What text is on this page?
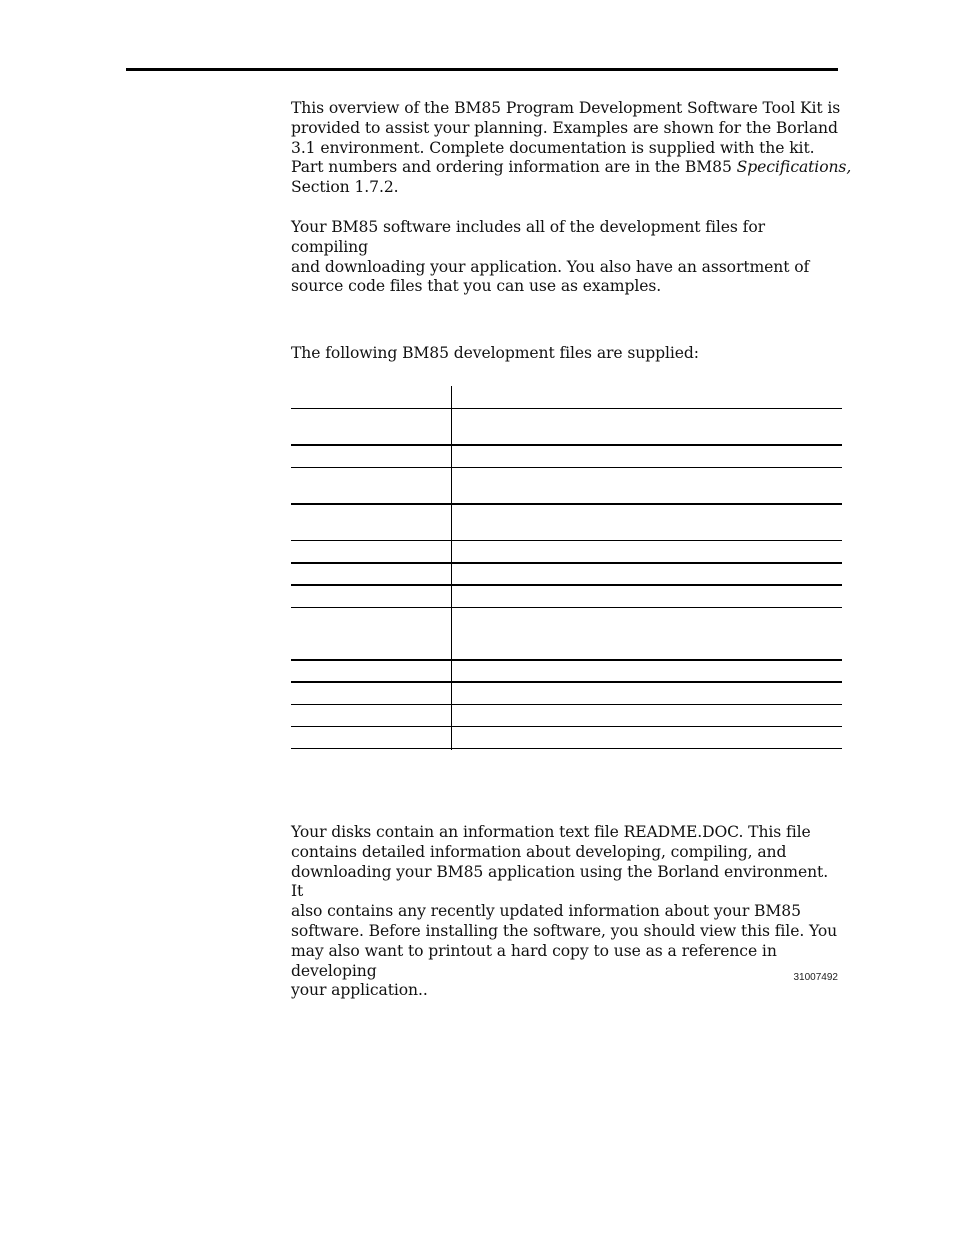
This overview of the BM85 Program Development Software Tool Kit is
provided to assist your planning. Examples are shown for the Borland
3.1 environment. Complete documentation is supplied with the kit.
Part numbers and ordering information are in the BM85 Specifications,
Section 1.7.2.

Your BM85 software includes all of the development files for compiling
and downloading your application. You also have an assortment of
source code files that you can use as examples.

The following BM85 development files are supplied:

Your disks contain an information text file README.DOC. This file
contains detailed information about developing, compiling, and
downloading your BM85 application using the Borland environment. It
also contains any recently updated information about your BM85
software. Before installing the software, you should view this file. You
may also want to printout a hard copy to use as a reference in developing
your application..

31007492
